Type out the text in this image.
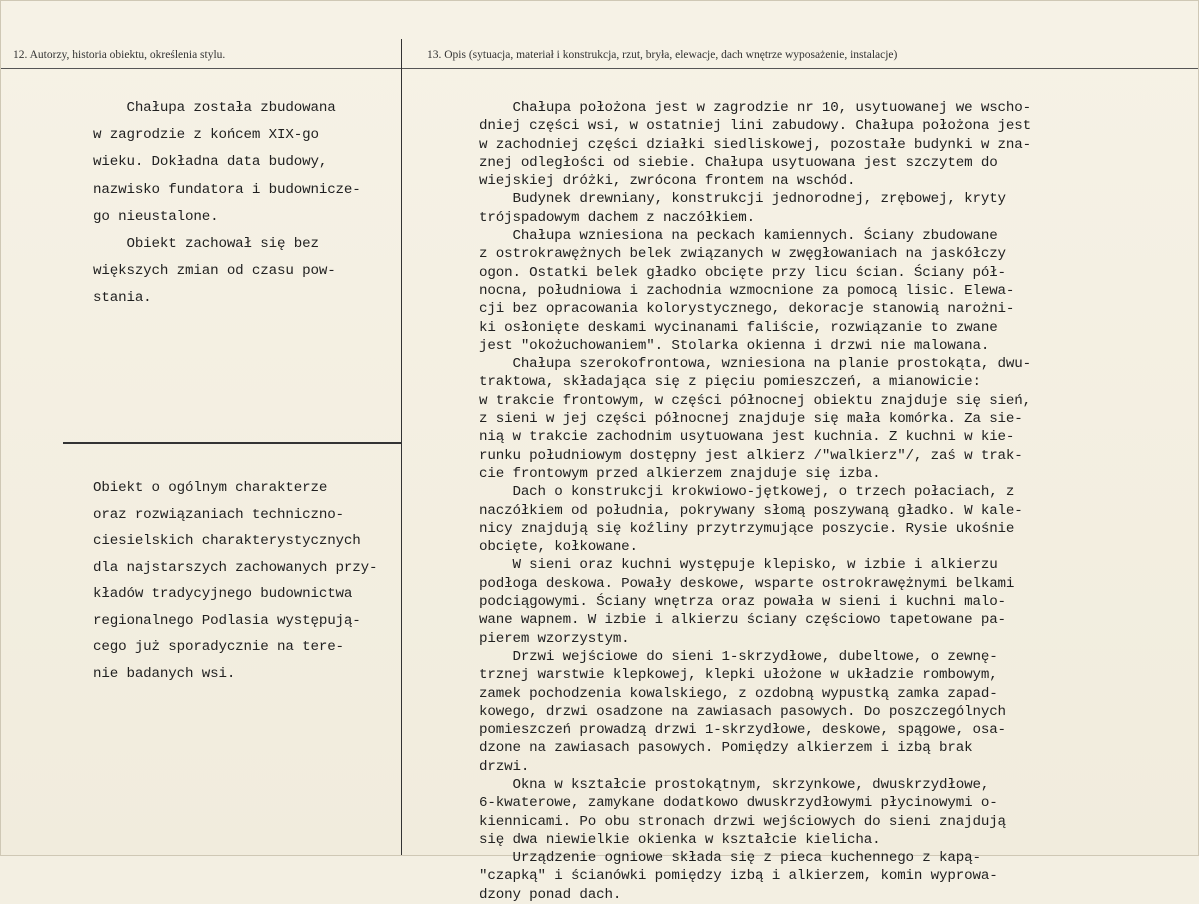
12. Autorzy, historia obiektu, określenia stylu.	13. Opis (sytuacja, materiał i konstrukcja, rzut, bryła, elewacje, dach wnętrze wyposażenie, instalacje)
Chałupa została zbudowana
w zagrodzie z końcem XIX-go
wieku. Dokładna data budowy,
nazwisko fundatora i budownicze-
go nieustalone.
Obiekt zachował się bez
większych zmian od czasu pow-
stania.
Obiekt o ogólnym charakterze
oraz rozwiązaniach techniczno-
ciesielskich charakterystycznych
dla najstarszych zachowanych przy-
kładów tradycyjnego budownictwa
regionalnego Podlasia występują-
cego już sporadycznie na tere-
nie badanych wsi.
Chałupa położona jest w zagrodzie nr 10, usytuowanej we wscho-
dniej części wsi, w ostatniej lini zabudowy. Chałupa położona jest
w zachodniej części działki siedliskowej, pozostałe budynki w zna-
znej odległości od siebie. Chałupa usytuowana jest szczytem do
wiejskiej dróżki, zwrócona frontem na wschód.
Budynek drewniany, konstrukcji jednorodnej, zrębowej, kryty
trójspadowym dachem z naczółkiem.
Chałupa wzniesiona na peckach kamiennych. Ściany zbudowane
z ostrokrawężnych belek związanych w zwęgłowaniach na jaskółczy
ogon. Ostatki belek gładko obcięte przy licu ścian. Ściany pół-
nocna, południowa i zachodnia wzmocnione za pomocą lisic. Elewa-
cji bez opracowania kolorystycznego, dekoracje stanowią narożni-
ki osłonięte deskami wycinanami faliście, rozwiązanie to zwane
jest "okożuchowaniem". Stolarka okienna i drzwi nie malowana.
Chałupa szerokofrontowa, wzniesiona na planie prostokąta, dwu-
traktowa, składająca się z pięciu pomieszczeń, a mianowicie:
w trakcie frontowym, w części północnej obiektu znajduje się sień,
z sieni w jej części północnej znajduje się mała komórka. Za sie-
nią w trakcie zachodnim usytuowana jest kuchnia. Z kuchni w kie-
runku południowym dostępny jest alkierz /"walkierz"/, zaś w trak-
cie frontowym przed alkierzem znajduje się izba.
Dach o konstrukcji krokwiowo-jętkowej, o trzech połaciach, z
naczółkiem od południa, pokrywany słomą poszywaną gładko. W kale-
nicy znajdują się koźliny przytrzymujące poszycie. Rysie ukośnie
obcięte, kołkowane.
W sieni oraz kuchni występuje klepisko, w izbie i alkierzu
podłoga deskowa. Powały deskowe, wsparte ostrokrawężnymi belkami
podciągowymi. Ściany wnętrza oraz powała w sieni i kuchni malo-
wane wapnem. W izbie i alkierzu ściany częściowo tapetowane pa-
pierem wzorzystym.
Drzwi wejściowe do sieni 1-skrzydłowe, dubeltowe, o zewnę-
trznej warstwie klepkowej, klepki ułożone w układzie rombowym,
zamek pochodzenia kowalskiego, z ozdobną wypustką zamka zapad-
kowego, drzwi osadzone na zawiasach pasowych. Do poszczególnych
pomieszczeń prowadzą drzwi 1-skrzydłowe, deskowe, spągowe, osa-
dzone na zawiasach pasowych. Pomiędzy alkierzem i izbą brak
drzwi.
Okna w kształcie prostokątnym, skrzynkowe, dwuskrzydłowe,
6-kwaterowe, zamykane dodatkowo dwuskrzydłowymi płycinowymi o-
kiennicami. Po obu stronach drzwi wejściowych do sieni znajdują
się dwa niewielkie okienka w kształcie kielicha.
Urządzenie ogniowe składa się z pieca kuchennego z kapą-
"czapką" i ścianówki pomiędzy izbą i alkierzem, komin wyprowa-
dzony ponad dach.
